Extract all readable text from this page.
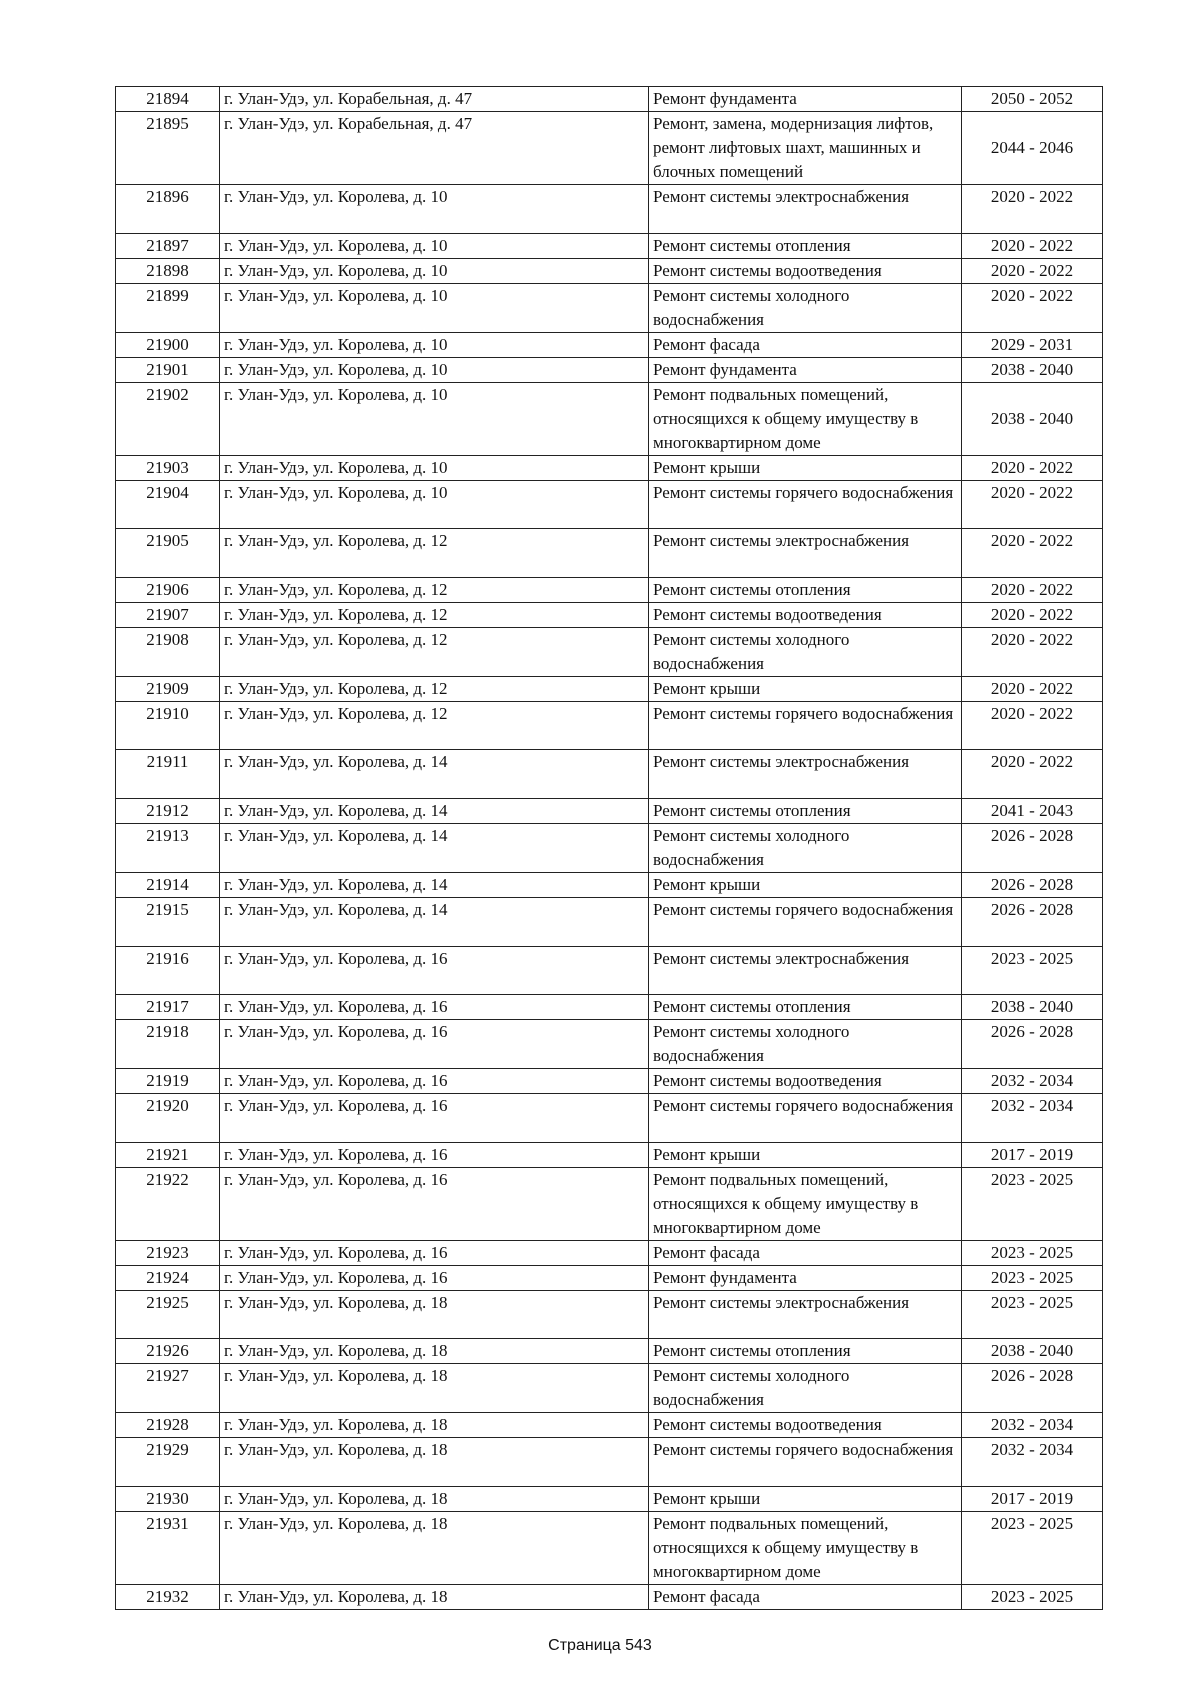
21894	г. Улан-Удэ, ул. Корабельная, д. 47	Ремонт фундамента	2050 - 2052
21895	г. Улан-Удэ, ул. Корабельная, д. 47	Ремонт, замена, модернизация лифтов, ремонт лифтовых шахт, машинных и блочных помещений	2044 - 2046
21896	г. Улан-Удэ, ул. Королева, д. 10	Ремонт системы электроснабжения	2020 - 2022
21897	г. Улан-Удэ, ул. Королева, д. 10	Ремонт системы отопления	2020 - 2022
21898	г. Улан-Удэ, ул. Королева, д. 10	Ремонт системы водоотведения	2020 - 2022
21899	г. Улан-Удэ, ул. Королева, д. 10	Ремонт системы холодного водоснабжения	2020 - 2022
21900	г. Улан-Удэ, ул. Королева, д. 10	Ремонт фасада	2029 - 2031
21901	г. Улан-Удэ, ул. Королева, д. 10	Ремонт фундамента	2038 - 2040
21902	г. Улан-Удэ, ул. Королева, д. 10	Ремонт подвальных помещений, относящихся к общему имуществу в многоквартирном доме	2038 - 2040
21903	г. Улан-Удэ, ул. Королева, д. 10	Ремонт крыши	2020 - 2022
21904	г. Улан-Удэ, ул. Королева, д. 10	Ремонт системы горячего водоснабжения	2020 - 2022
21905	г. Улан-Удэ, ул. Королева, д. 12	Ремонт системы электроснабжения	2020 - 2022
21906	г. Улан-Удэ, ул. Королева, д. 12	Ремонт системы отопления	2020 - 2022
21907	г. Улан-Удэ, ул. Королева, д. 12	Ремонт системы водоотведения	2020 - 2022
21908	г. Улан-Удэ, ул. Королева, д. 12	Ремонт системы холодного водоснабжения	2020 - 2022
21909	г. Улан-Удэ, ул. Королева, д. 12	Ремонт крыши	2020 - 2022
21910	г. Улан-Удэ, ул. Королева, д. 12	Ремонт системы горячего водоснабжения	2020 - 2022
21911	г. Улан-Удэ, ул. Королева, д. 14	Ремонт системы электроснабжения	2020 - 2022
21912	г. Улан-Удэ, ул. Королева, д. 14	Ремонт системы отопления	2041 - 2043
21913	г. Улан-Удэ, ул. Королева, д. 14	Ремонт системы холодного водоснабжения	2026 - 2028
21914	г. Улан-Удэ, ул. Королева, д. 14	Ремонт крыши	2026 - 2028
21915	г. Улан-Удэ, ул. Королева, д. 14	Ремонт системы горячего водоснабжения	2026 - 2028
21916	г. Улан-Удэ, ул. Королева, д. 16	Ремонт системы электроснабжения	2023 - 2025
21917	г. Улан-Удэ, ул. Королева, д. 16	Ремонт системы отопления	2038 - 2040
21918	г. Улан-Удэ, ул. Королева, д. 16	Ремонт системы холодного водоснабжения	2026 - 2028
21919	г. Улан-Удэ, ул. Королева, д. 16	Ремонт системы водоотведения	2032 - 2034
21920	г. Улан-Удэ, ул. Королева, д. 16	Ремонт системы горячего водоснабжения	2032 - 2034
21921	г. Улан-Удэ, ул. Королева, д. 16	Ремонт крыши	2017 - 2019
21922	г. Улан-Удэ, ул. Королева, д. 16	Ремонт подвальных помещений, относящихся к общему имуществу в многоквартирном доме	2023 - 2025
21923	г. Улан-Удэ, ул. Королева, д. 16	Ремонт фасада	2023 - 2025
21924	г. Улан-Удэ, ул. Королева, д. 16	Ремонт фундамента	2023 - 2025
21925	г. Улан-Удэ, ул. Королева, д. 18	Ремонт системы электроснабжения	2023 - 2025
21926	г. Улан-Удэ, ул. Королева, д. 18	Ремонт системы отопления	2038 - 2040
21927	г. Улан-Удэ, ул. Королева, д. 18	Ремонт системы холодного водоснабжения	2026 - 2028
21928	г. Улан-Удэ, ул. Королева, д. 18	Ремонт системы водоотведения	2032 - 2034
21929	г. Улан-Удэ, ул. Королева, д. 18	Ремонт системы горячего водоснабжения	2032 - 2034
21930	г. Улан-Удэ, ул. Королева, д. 18	Ремонт крыши	2017 - 2019
21931	г. Улан-Удэ, ул. Королева, д. 18	Ремонт подвальных помещений, относящихся к общему имуществу в многоквартирном доме	2023 - 2025
21932	г. Улан-Удэ, ул. Королева, д. 18	Ремонт фасада	2023 - 2025
Страница 543
